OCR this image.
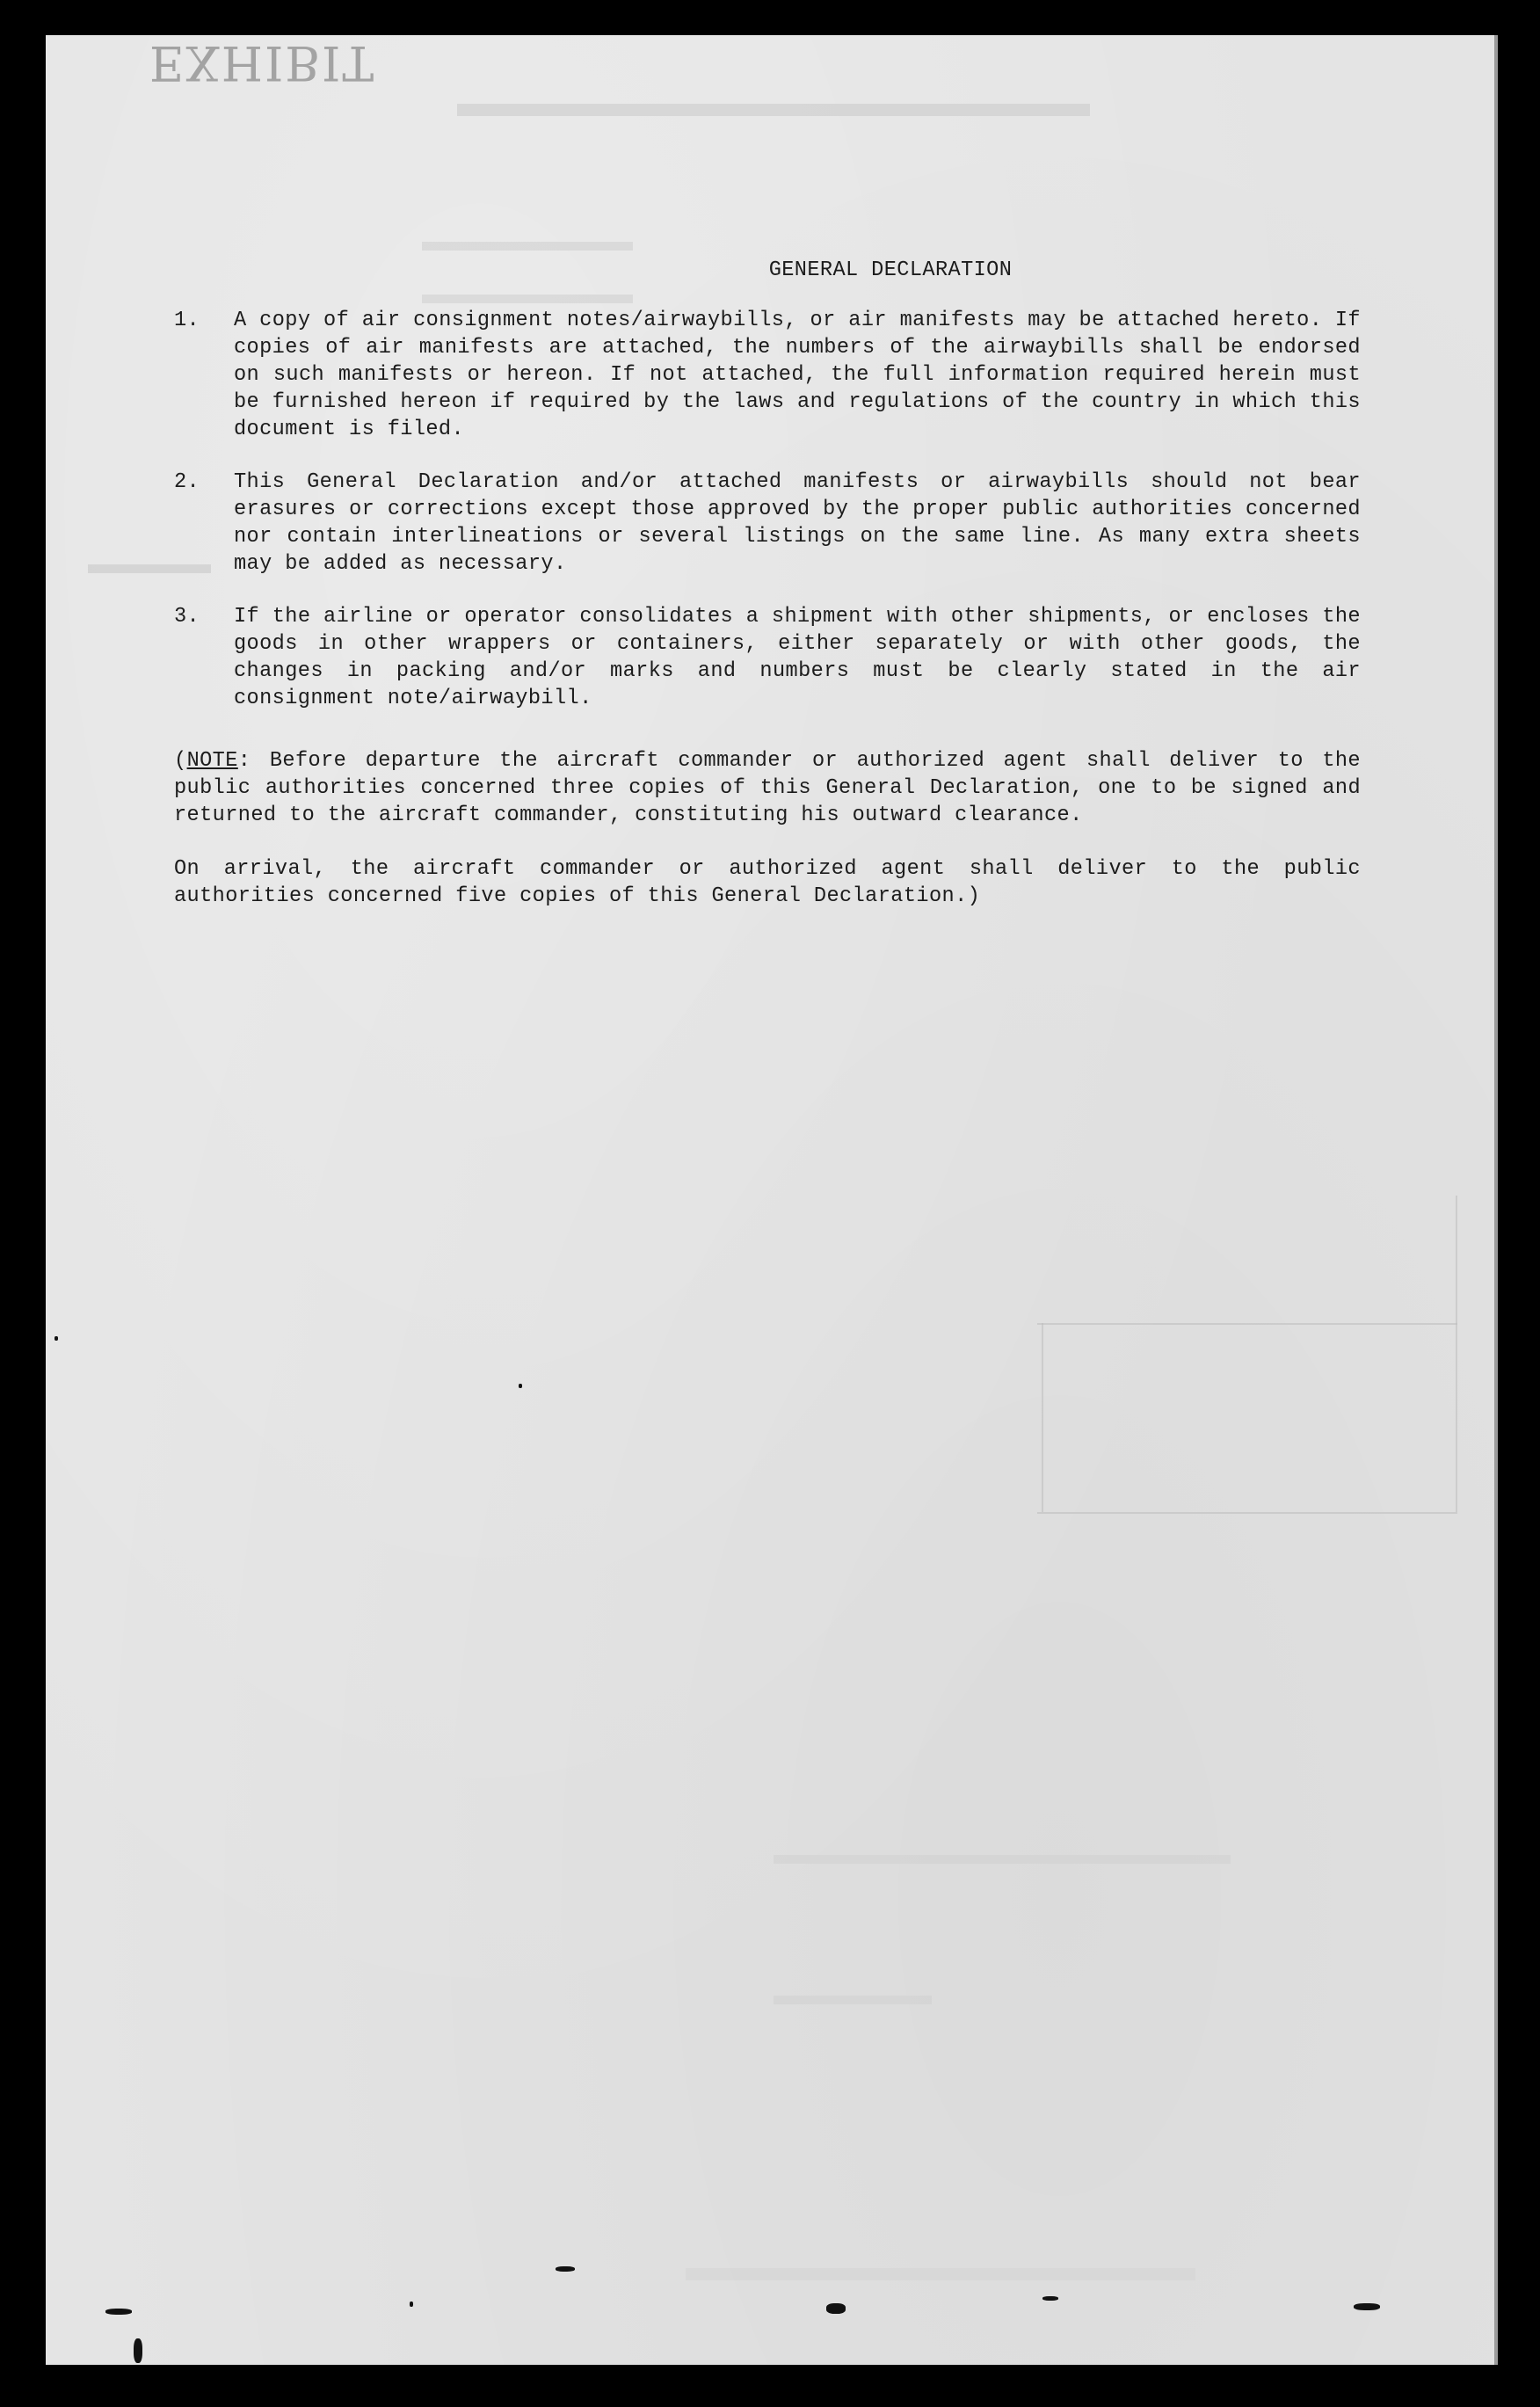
EXHIBIT
GENERAL DECLARATION
1.	A copy of air consignment notes/airwaybills, or air manifests may be attached hereto. If copies of air manifests are attached, the numbers of the airwaybills shall be endorsed on such manifests or hereon. If not attached, the full information required herein must be furnished hereon if required by the laws and regulations of the country in which this document is filed.
2.	This General Declaration and/or attached manifests or airwaybills should not bear erasures or corrections except those approved by the proper public authorities concerned nor contain interlineations or several listings on the same line. As many extra sheets may be added as necessary.
3.	If the airline or operator consolidates a shipment with other shipments, or encloses the goods in other wrappers or containers, either separately or with other goods, the changes in packing and/or marks and numbers must be clearly stated in the air consignment note/airwaybill.
(NOTE: Before departure the aircraft commander or authorized agent shall deliver to the public authorities concerned three copies of this General Declaration, one to be signed and returned to the aircraft commander, constituting his outward clearance.
On arrival, the aircraft commander or authorized agent shall deliver to the public authorities concerned five copies of this General Declaration.)
